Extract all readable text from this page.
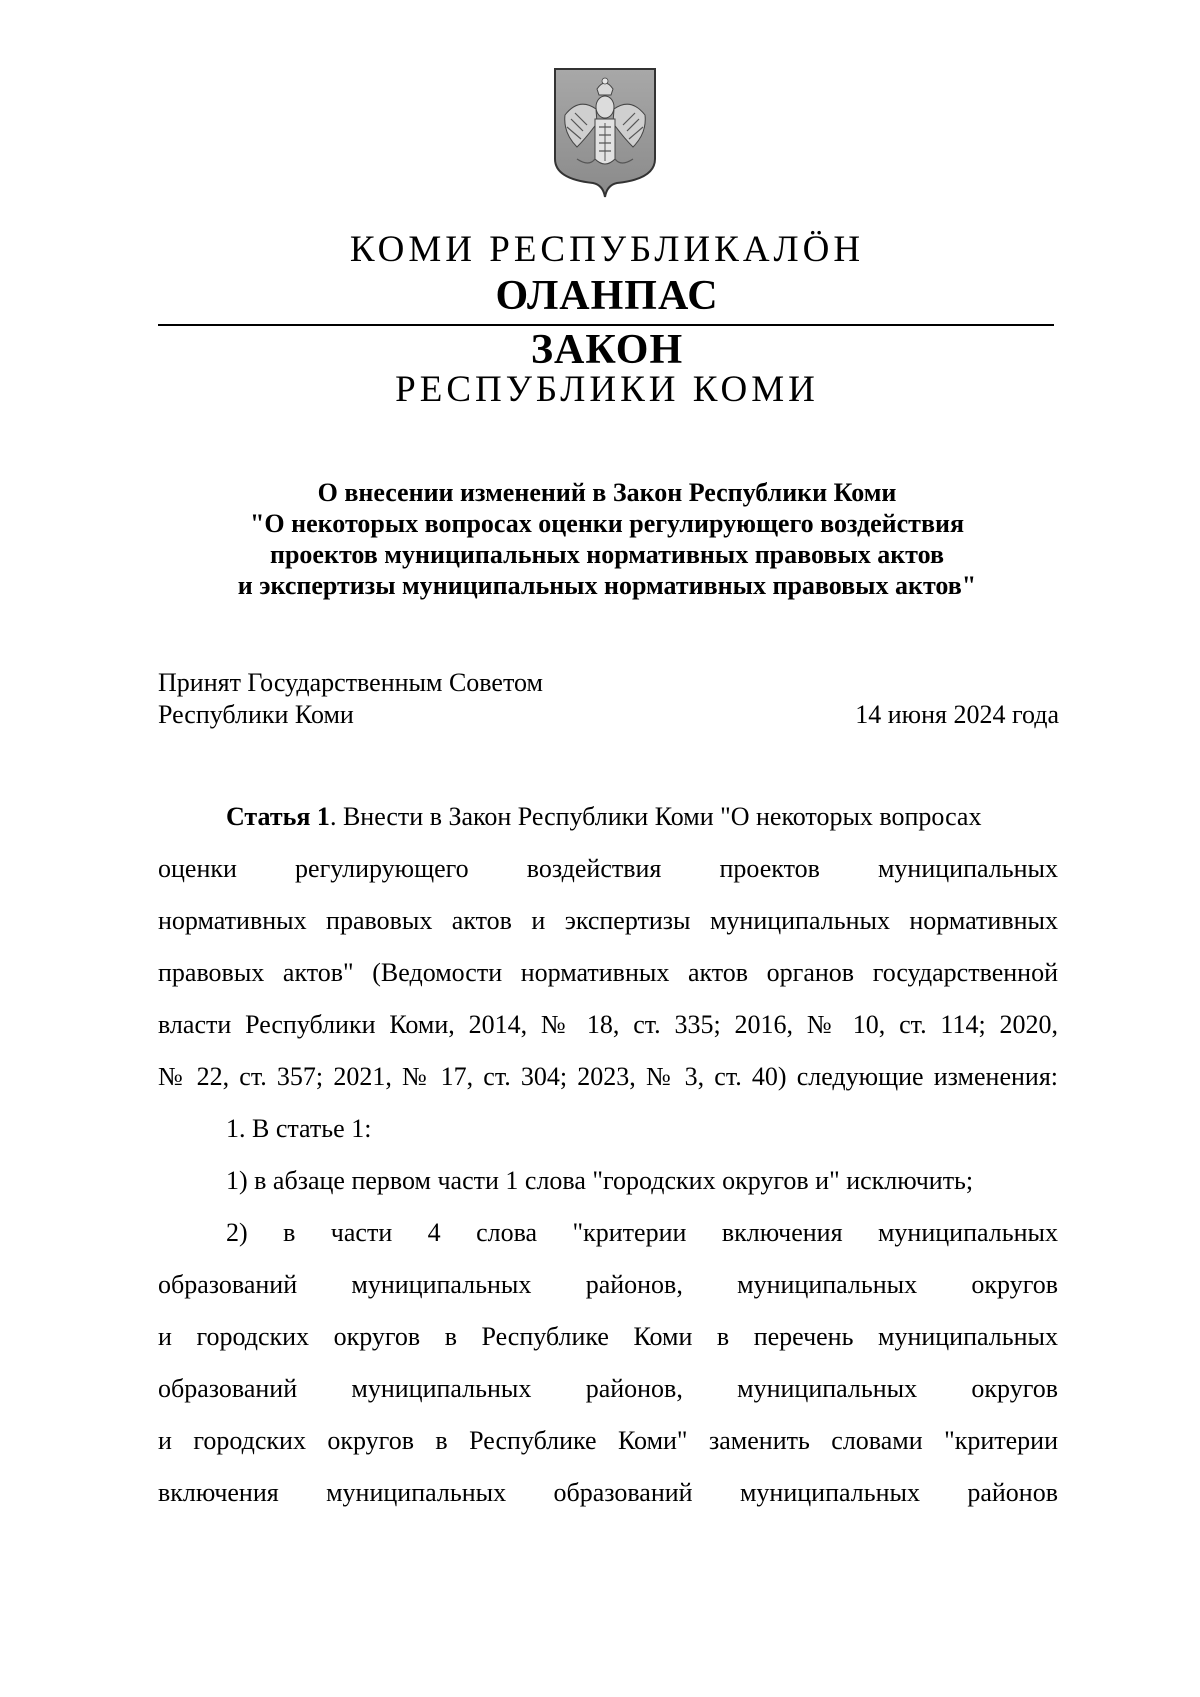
КОМИ РЕСПУБЛИКАЛÖН
ОЛАНПАС
ЗАКОН
РЕСПУБЛИКИ КОМИ
О внесении изменений в Закон Республики Коми
"О некоторых вопросах оценки регулирующего воздействия
проектов муниципальных нормативных правовых актов
и экспертизы муниципальных нормативных правовых актов"
Принят Государственным Советом
Республики Коми	14 июня 2024 года
Статья 1. Внести в Закон Республики Коми "О некоторых вопросах
оценки регулирующего воздействия проектов муниципальных
нормативных правовых актов и экспертизы муниципальных нормативных
правовых актов" (Ведомости нормативных актов органов государственной
власти Республики Коми, 2014, № 18, ст. 335; 2016, № 10, ст. 114; 2020,
№ 22, ст. 357; 2021, № 17, ст. 304; 2023, № 3, ст. 40) следующие изменения:
1. В статье 1:
1) в абзаце первом части 1 слова "городских округов и" исключить;
2) в части 4 слова "критерии включения муниципальных
образований муниципальных районов, муниципальных округов
и городских округов в Республике Коми в перечень муниципальных
образований муниципальных районов, муниципальных округов
и городских округов в Республике Коми" заменить словами "критерии
включения муниципальных образований муниципальных районов
